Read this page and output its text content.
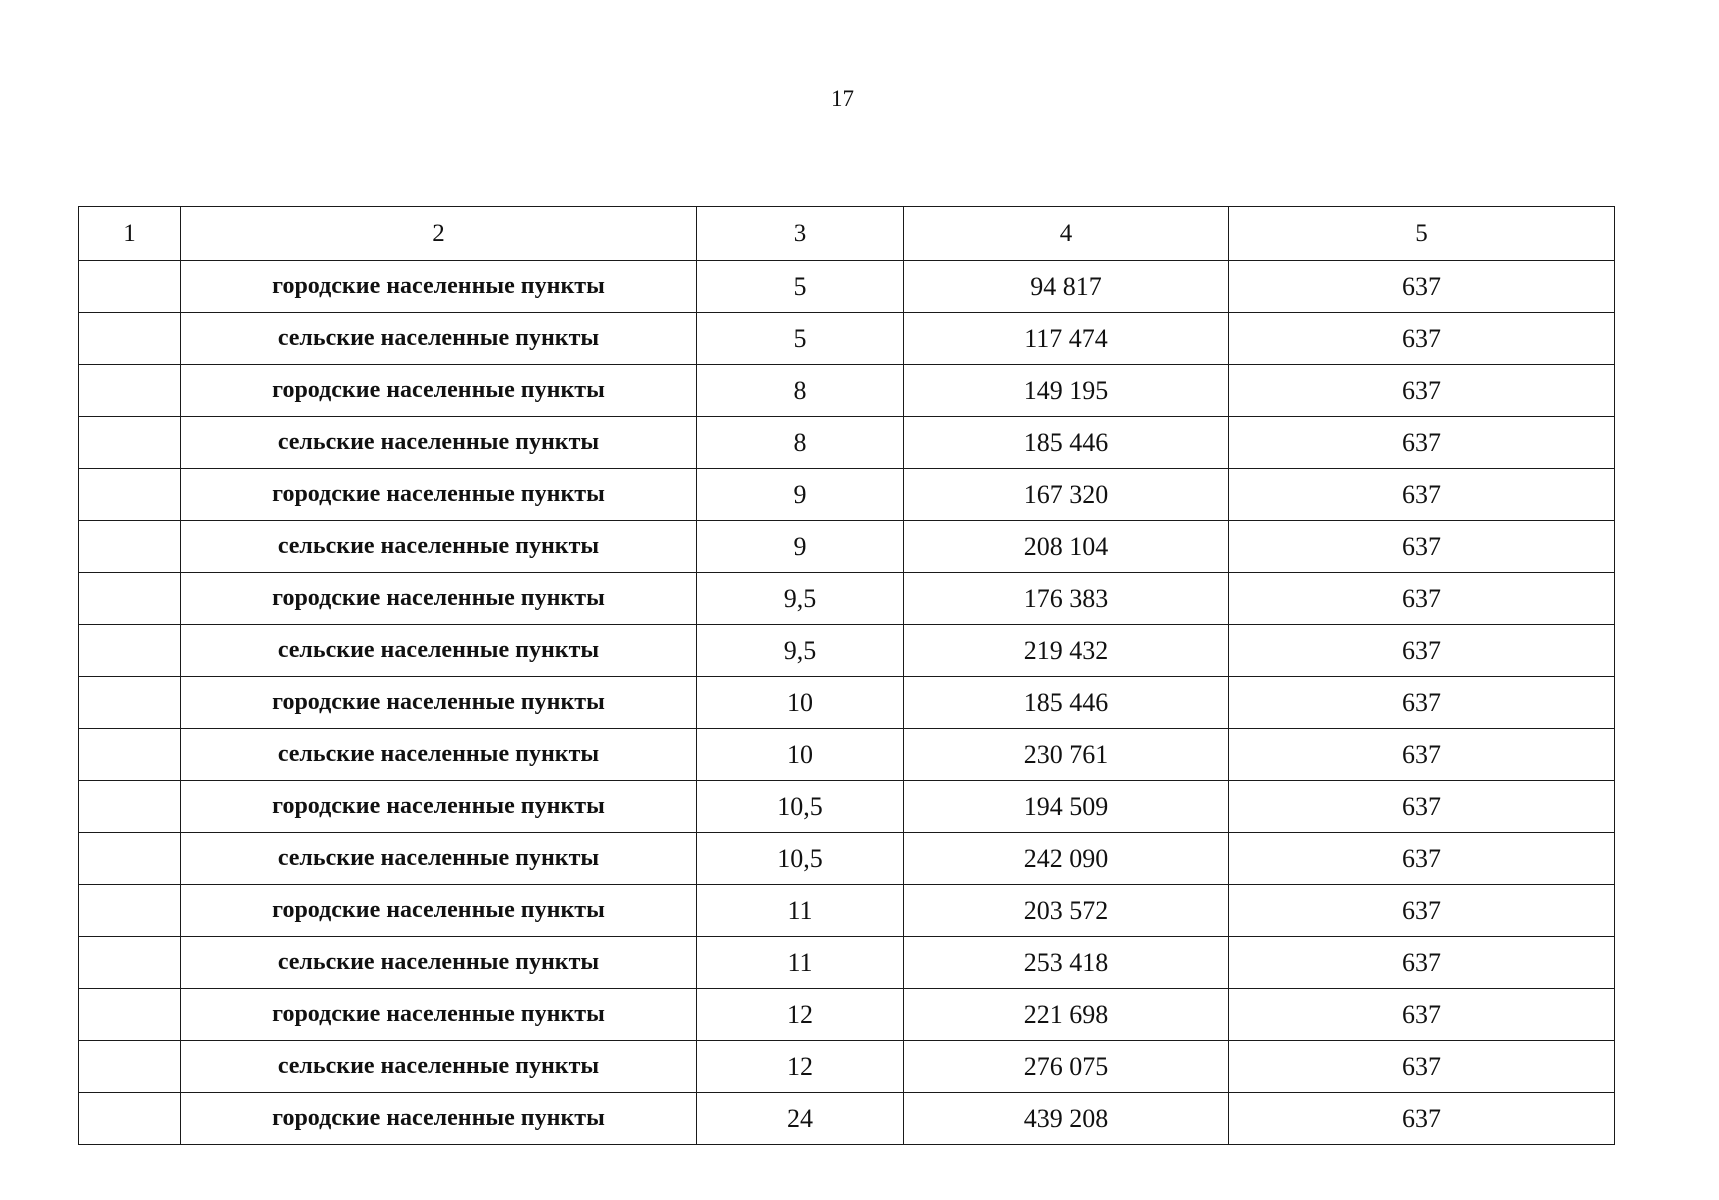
17
1	2	3	4	5
	городские населенные пункты	5	94 817	637
	сельские населенные пункты	5	117 474	637
	городские населенные пункты	8	149 195	637
	сельские населенные пункты	8	185 446	637
	городские населенные пункты	9	167 320	637
	сельские населенные пункты	9	208 104	637
	городские населенные пункты	9,5	176 383	637
	сельские населенные пункты	9,5	219 432	637
	городские населенные пункты	10	185 446	637
	сельские населенные пункты	10	230 761	637
	городские населенные пункты	10,5	194 509	637
	сельские населенные пункты	10,5	242 090	637
	городские населенные пункты	11	203 572	637
	сельские населенные пункты	11	253 418	637
	городские населенные пункты	12	221 698	637
	сельские населенные пункты	12	276 075	637
	городские населенные пункты	24	439 208	637
